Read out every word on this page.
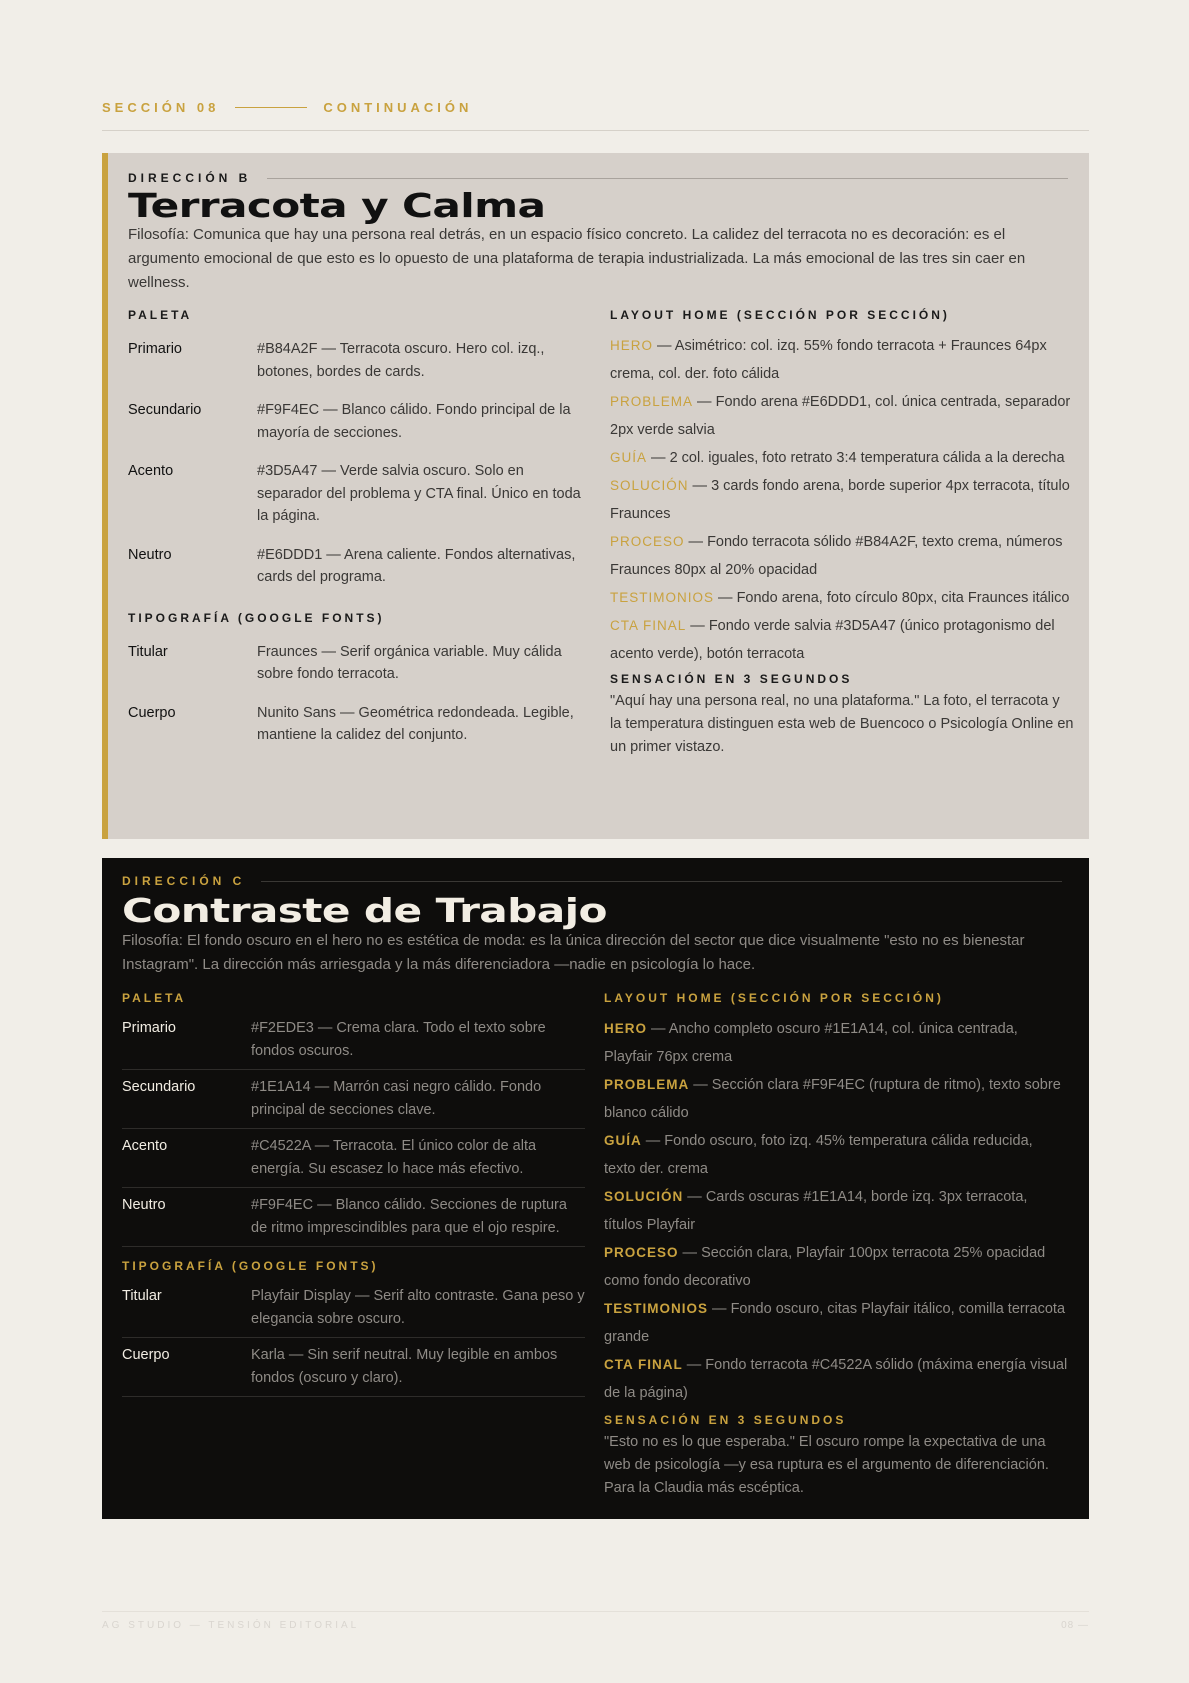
SECCIÓN 08	CONTINUACIÓN
DIRECCIÓN B
Terracota y Calma
Filosofía: Comunica que hay una persona real detrás, en un espacio físico concreto. La calidez del terracota no es decoración: es el argumento emocional de que esto es lo opuesto de una plataforma de terapia industrializada. La más emocional de las tres sin caer en wellness.
PALETA
Primario	#B84A2F — Terracota oscuro. Hero col. izq., botones, bordes de cards.
Secundario	#F9F4EC — Blanco cálido. Fondo principal de la mayoría de secciones.
Acento	#3D5A47 — Verde salvia oscuro. Solo en separador del problema y CTA final. Único en toda la página.
Neutro	#E6DDD1 — Arena caliente. Fondos alternativas, cards del programa.
TIPOGRAFÍA (GOOGLE FONTS)
Titular	Fraunces — Serif orgánica variable. Muy cálida sobre fondo terracota.
Cuerpo	Nunito Sans — Geométrica redondeada. Legible, mantiene la calidez del conjunto.
LAYOUT HOME (SECCIÓN POR SECCIÓN)
HERO — Asimétrico: col. izq. 55% fondo terracota + Fraunces 64px crema, col. der. foto cálida
PROBLEMA — Fondo arena #E6DDD1, col. única centrada, separador 2px verde salvia
GUÍA — 2 col. iguales, foto retrato 3:4 temperatura cálida a la derecha
SOLUCIÓN — 3 cards fondo arena, borde superior 4px terracota, título Fraunces
PROCESO — Fondo terracota sólido #B84A2F, texto crema, números Fraunces 80px al 20% opacidad
TESTIMONIOS — Fondo arena, foto círculo 80px, cita Fraunces itálico
CTA FINAL — Fondo verde salvia #3D5A47 (único protagonismo del acento verde), botón terracota
SENSACIÓN EN 3 SEGUNDOS
"Aquí hay una persona real, no una plataforma." La foto, el terracota y la temperatura distinguen esta web de Buencoco o Psicología Online en un primer vistazo.
DIRECCIÓN C
Contraste de Trabajo
Filosofía: El fondo oscuro en el hero no es estética de moda: es la única dirección del sector que dice visualmente "esto no es bienestar Instagram". La dirección más arriesgada y la más diferenciadora —nadie en psicología lo hace.
PALETA
Primario	#F2EDE3 — Crema clara. Todo el texto sobre fondos oscuros.
Secundario	#1E1A14 — Marrón casi negro cálido. Fondo principal de secciones clave.
Acento	#C4522A — Terracota. El único color de alta energía. Su escasez lo hace más efectivo.
Neutro	#F9F4EC — Blanco cálido. Secciones de ruptura de ritmo imprescindibles para que el ojo respire.
TIPOGRAFÍA (GOOGLE FONTS)
Titular	Playfair Display — Serif alto contraste. Gana peso y elegancia sobre oscuro.
Cuerpo	Karla — Sin serif neutral. Muy legible en ambos fondos (oscuro y claro).
LAYOUT HOME (SECCIÓN POR SECCIÓN)
HERO — Ancho completo oscuro #1E1A14, col. única centrada, Playfair 76px crema
PROBLEMA — Sección clara #F9F4EC (ruptura de ritmo), texto sobre blanco cálido
GUÍA — Fondo oscuro, foto izq. 45% temperatura cálida reducida, texto der. crema
SOLUCIÓN — Cards oscuras #1E1A14, borde izq. 3px terracota, títulos Playfair
PROCESO — Sección clara, Playfair 100px terracota 25% opacidad como fondo decorativo
TESTIMONIOS — Fondo oscuro, citas Playfair itálico, comilla terracota grande
CTA FINAL — Fondo terracota #C4522A sólido (máxima energía visual de la página)
SENSACIÓN EN 3 SEGUNDOS
"Esto no es lo que esperaba." El oscuro rompe la expectativa de una web de psicología —y esa ruptura es el argumento de diferenciación. Para la Claudia más escéptica.
AG STUDIO — TENSIÓN EDITORIAL	08 —
